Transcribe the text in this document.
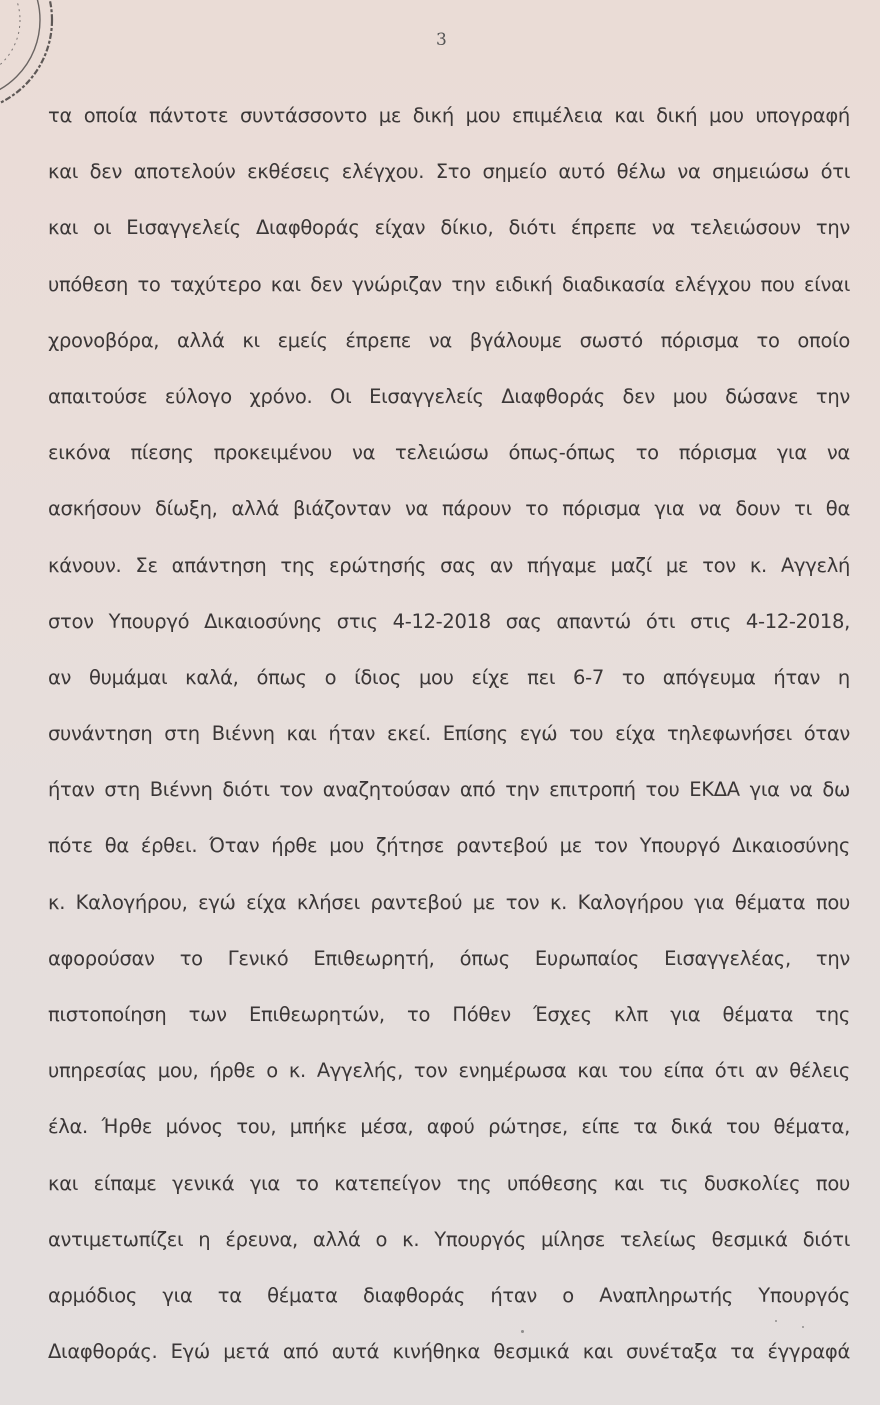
3
τα οποία πάντοτε συντάσσοντο με δική μου επιμέλεια και δική μου υπογραφή
και δεν αποτελούν εκθέσεις ελέγχου. Στο σημείο αυτό θέλω να σημειώσω ότι
και οι Εισαγγελείς Διαφθοράς είχαν δίκιο, διότι έπρεπε να τελειώσουν την
υπόθεση το ταχύτερο και δεν γνώριζαν την ειδική διαδικασία ελέγχου που είναι
χρονοβόρα, αλλά κι εμείς έπρεπε να βγάλουμε σωστό πόρισμα το οποίο
απαιτούσε εύλογο χρόνο. Οι Εισαγγελείς Διαφθοράς δεν μου δώσανε την
εικόνα πίεσης προκειμένου να τελειώσω όπως-όπως το πόρισμα για να
ασκήσουν δίωξη, αλλά βιάζονταν να πάρουν το πόρισμα για να δουν τι θα
κάνουν. Σε απάντηση της ερώτησής σας αν πήγαμε μαζί με τον κ. Αγγελή
στον Υπουργό Δικαιοσύνης στις 4-12-2018 σας απαντώ ότι στις 4-12-2018,
αν θυμάμαι καλά, όπως ο ίδιος μου είχε πει 6-7 το απόγευμα ήταν η
συνάντηση στη Βιέννη και ήταν εκεί. Επίσης εγώ του είχα τηλεφωνήσει όταν
ήταν στη Βιέννη διότι τον αναζητούσαν από την επιτροπή του ΕΚΔΑ για να δω
πότε θα έρθει. Όταν ήρθε μου ζήτησε ραντεβού με τον Υπουργό Δικαιοσύνης
κ. Καλογήρου, εγώ είχα κλήσει ραντεβού με τον κ. Καλογήρου για θέματα που
αφορούσαν το Γενικό Επιθεωρητή, όπως Ευρωπαίος Εισαγγελέας, την
πιστοποίηση των Επιθεωρητών, το Πόθεν Έσχες κλπ για θέματα της
υπηρεσίας μου, ήρθε ο κ. Αγγελής, τον ενημέρωσα και του είπα ότι αν θέλεις
έλα. Ήρθε μόνος του, μπήκε μέσα, αφού ρώτησε, είπε τα δικά του θέματα,
και είπαμε γενικά για το κατεπείγον της υπόθεσης και τις δυσκολίες που
αντιμετωπίζει η έρευνα, αλλά ο κ. Υπουργός μίλησε τελείως θεσμικά διότι
αρμόδιος για τα θέματα διαφθοράς ήταν ο Αναπληρωτής Υπουργός
Διαφθοράς. Εγώ μετά από αυτά κινήθηκα θεσμικά και συνέταξα τα έγγραφά
